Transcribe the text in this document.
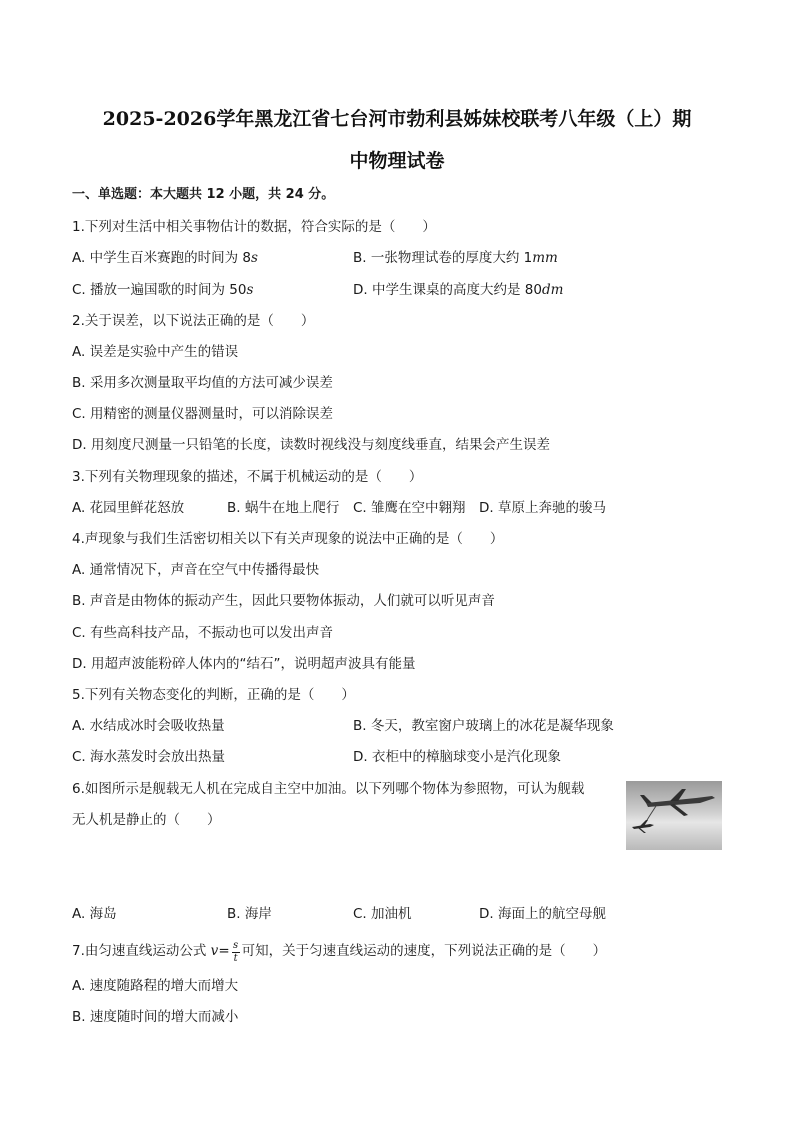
2025-2026学年黑龙江省七台河市勃利县姊妹校联考八年级（上）期
中物理试卷
一、单选题：本大题共 12 小题，共 24 分。
1.下列对生活中相关事物估计的数据，符合实际的是（　　）
A. 中学生百米赛跑的时间为 8s	B. 一张物理试卷的厚度大约 1mm
C. 播放一遍国歌的时间为 50s	D. 中学生课桌的高度大约是 80dm
2.关于误差，以下说法正确的是（　　）
A. 误差是实验中产生的错误
B. 采用多次测量取平均值的方法可减少误差
C. 用精密的测量仪器测量时，可以消除误差
D. 用刻度尺测量一只铅笔的长度，读数时视线没与刻度线垂直，结果会产生误差
3.下列有关物理现象的描述，不属于机械运动的是（　　）
A. 花园里鲜花怒放	B. 蜗牛在地上爬行 C. 雏鹰在空中翱翔 D. 草原上奔驰的骏马
4.声现象与我们生活密切相关以下有关声现象的说法中正确的是（　　）
A. 通常情况下，声音在空气中传播得最快
B. 声音是由物体的振动产生，因此只要物体振动，人们就可以听见声音
C. 有些高科技产品，不振动也可以发出声音
D. 用超声波能粉碎人体内的“结石”，说明超声波具有能量
5.下列有关物态变化的判断，正确的是（　　）
A. 水结成冰时会吸收热量	B. 冬天，教室窗户玻璃上的冰花是凝华现象
C. 海水蒸发时会放出热量	D. 衣柜中的樟脑球变小是汽化现象
6.如图所示是舰载无人机在完成自主空中加油。以下列哪个物体为参照物，可认为舰载
无人机是静止的（　　）
A. 海岛	B. 海岸	C. 加油机	D. 海面上的航空母舰
7.由匀速直线运动公式 $v= \frac{s}{t}$ 可知，关于匀速直线运动的速度，下列说法正确的是（　　）
A. 速度随路程的增大而增大
B. 速度随时间的增大而减小
